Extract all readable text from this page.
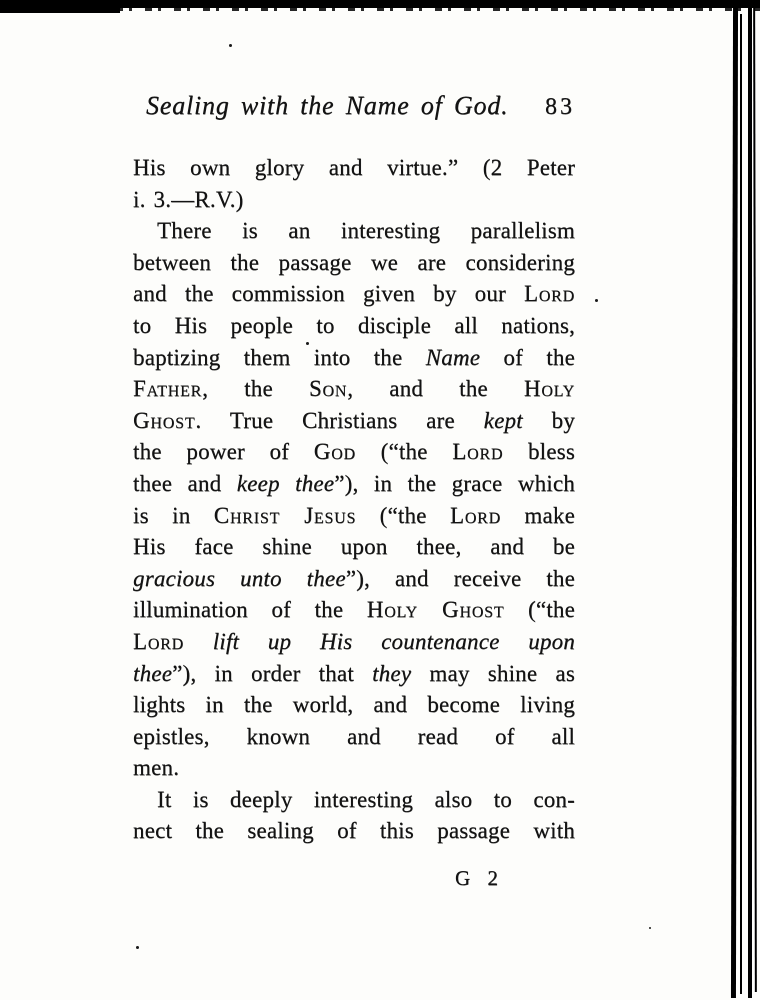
Sealing with the Name of God. 83
His own glory and virtue.” (2 Peter
i. 3.—R.V.)
There is an interesting parallelism
between the passage we are considering
and the commission given by our Lord
to His people to disciple all nations,
baptizing them into the Name of the
Father, the Son, and the Holy
Ghost. True Christians are kept by
the power of God (“the Lord bless
thee and keep thee”), in the grace which
is in Christ Jesus (“the Lord make
His face shine upon thee, and be
gracious unto thee”), and receive the
illumination of the Holy Ghost (“the
Lord lift up His countenance upon
thee”), in order that they may shine as
lights in the world, and become living
epistles, known and read of all
men.
It is deeply interesting also to con-
nect the sealing of this passage with
G 2
